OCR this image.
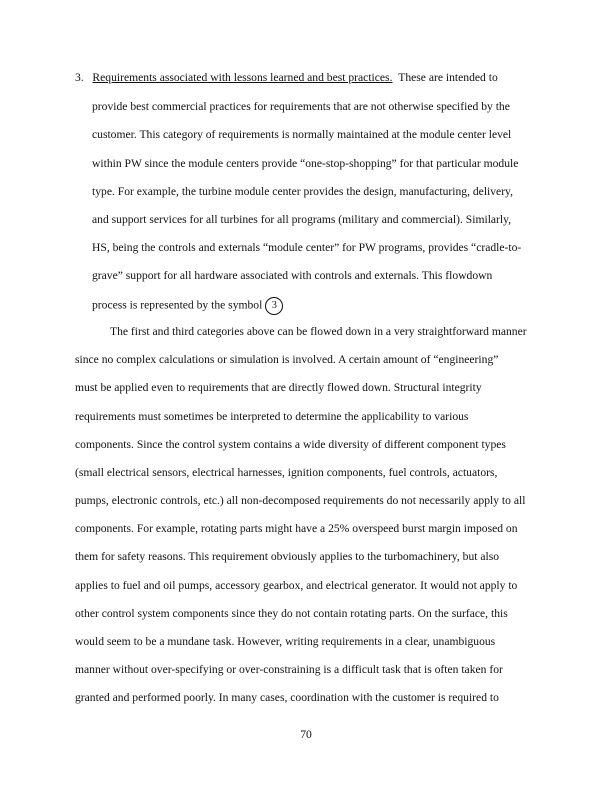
3. Requirements associated with lessons learned and best practices. These are intended to
provide best commercial practices for requirements that are not otherwise specified by the
customer. This category of requirements is normally maintained at the module center level
within PW since the module centers provide “one-stop-shopping” for that particular module
type. For example, the turbine module center provides the design, manufacturing, delivery,
and support services for all turbines for all programs (military and commercial). Similarly,
HS, being the controls and externals “module center” for PW programs, provides “cradle-to-
grave” support for all hardware associated with controls and externals. This flowdown
process is represented by the symbol 3
The first and third categories above can be flowed down in a very straightforward manner
since no complex calculations or simulation is involved. A certain amount of “engineering”
must be applied even to requirements that are directly flowed down. Structural integrity
requirements must sometimes be interpreted to determine the applicability to various
components. Since the control system contains a wide diversity of different component types
(small electrical sensors, electrical harnesses, ignition components, fuel controls, actuators,
pumps, electronic controls, etc.) all non-decomposed requirements do not necessarily apply to all
components. For example, rotating parts might have a 25% overspeed burst margin imposed on
them for safety reasons. This requirement obviously applies to the turbomachinery, but also
applies to fuel and oil pumps, accessory gearbox, and electrical generator. It would not apply to
other control system components since they do not contain rotating parts. On the surface, this
would seem to be a mundane task. However, writing requirements in a clear, unambiguous
manner without over-specifying or over-constraining is a difficult task that is often taken for
granted and performed poorly. In many cases, coordination with the customer is required to
70
